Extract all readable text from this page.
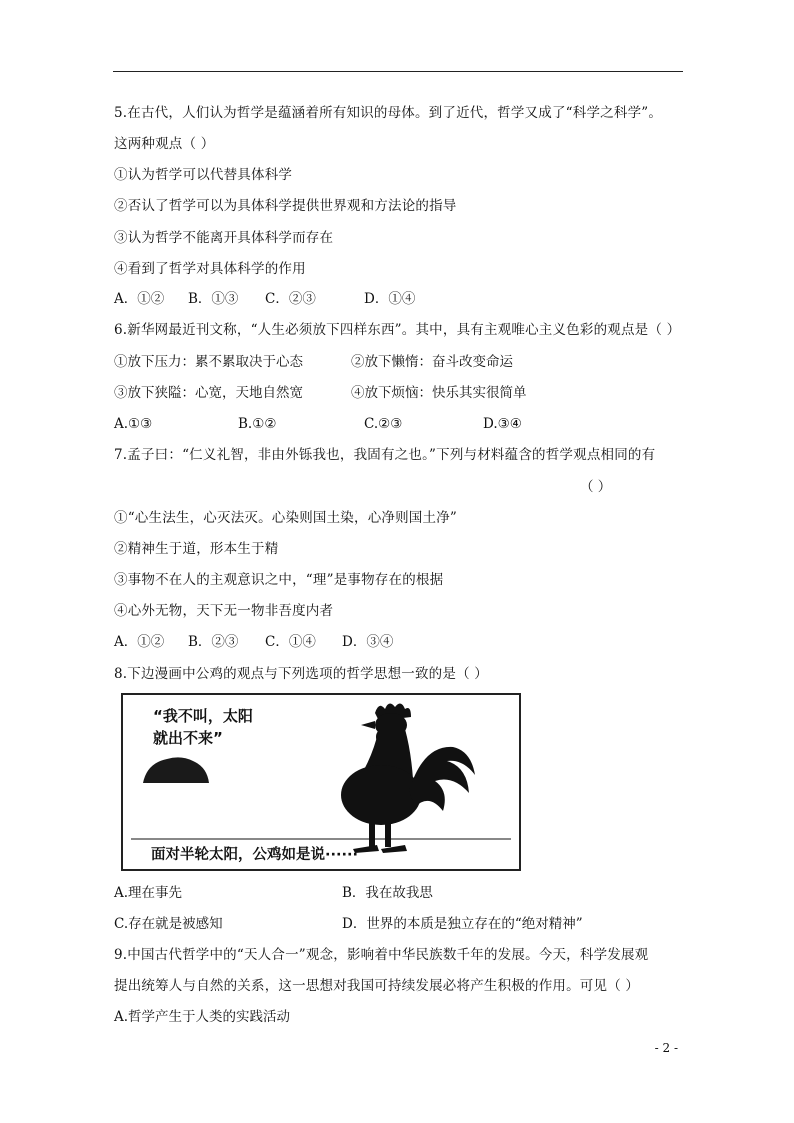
5.在古代，人们认为哲学是蕴涵着所有知识的母体。到了近代，哲学又成了“科学之科学”。
这两种观点（ ）
①认为哲学可以代替具体科学
②否认了哲学可以为具体科学提供世界观和方法论的指导
③认为哲学不能离开具体科学而存在
④看到了哲学对具体科学的作用
A．①② B．①③ C．②③	D．①④
6.新华网最近刊文称，“人生必须放下四样东西”。其中，具有主观唯心主义色彩的观点是（ ）
①放下压力：累不累取决于心态	②放下懒惰：奋斗改变命运
③放下狭隘：心宽，天地自然宽	④放下烦恼：快乐其实很简单
A.①③	B.①②	C.②③	D.③④
7.孟子曰：“仁义礼智，非由外铄我也，我固有之也。”下列与材料蕴含的哲学观点相同的有
（ ）
①“心生法生，心灭法灭。心染则国土染，心净则国土净”
②精神生于道，形本生于精
③事物不在人的主观意识之中，“理”是事物存在的根据
④心外无物，天下无一物非吾度内者
A．①② B．②③ C．①④ D．③④
8.下边漫画中公鸡的观点与下列选项的哲学思想一致的是（ ）
“我不叫，太阳
就出不来”
面对半轮太阳，公鸡如是说······
A.理在事先	B．我在故我思
C.存在就是被感知	D．世界的本质是独立存在的“绝对精神”
9.中国古代哲学中的“天人合一”观念，影响着中华民族数千年的发展。今天，科学发展观
提出统筹人与自然的关系，这一思想对我国可持续发展必将产生积极的作用。可见（ ）
A.哲学产生于人类的实践活动
- 2 -
